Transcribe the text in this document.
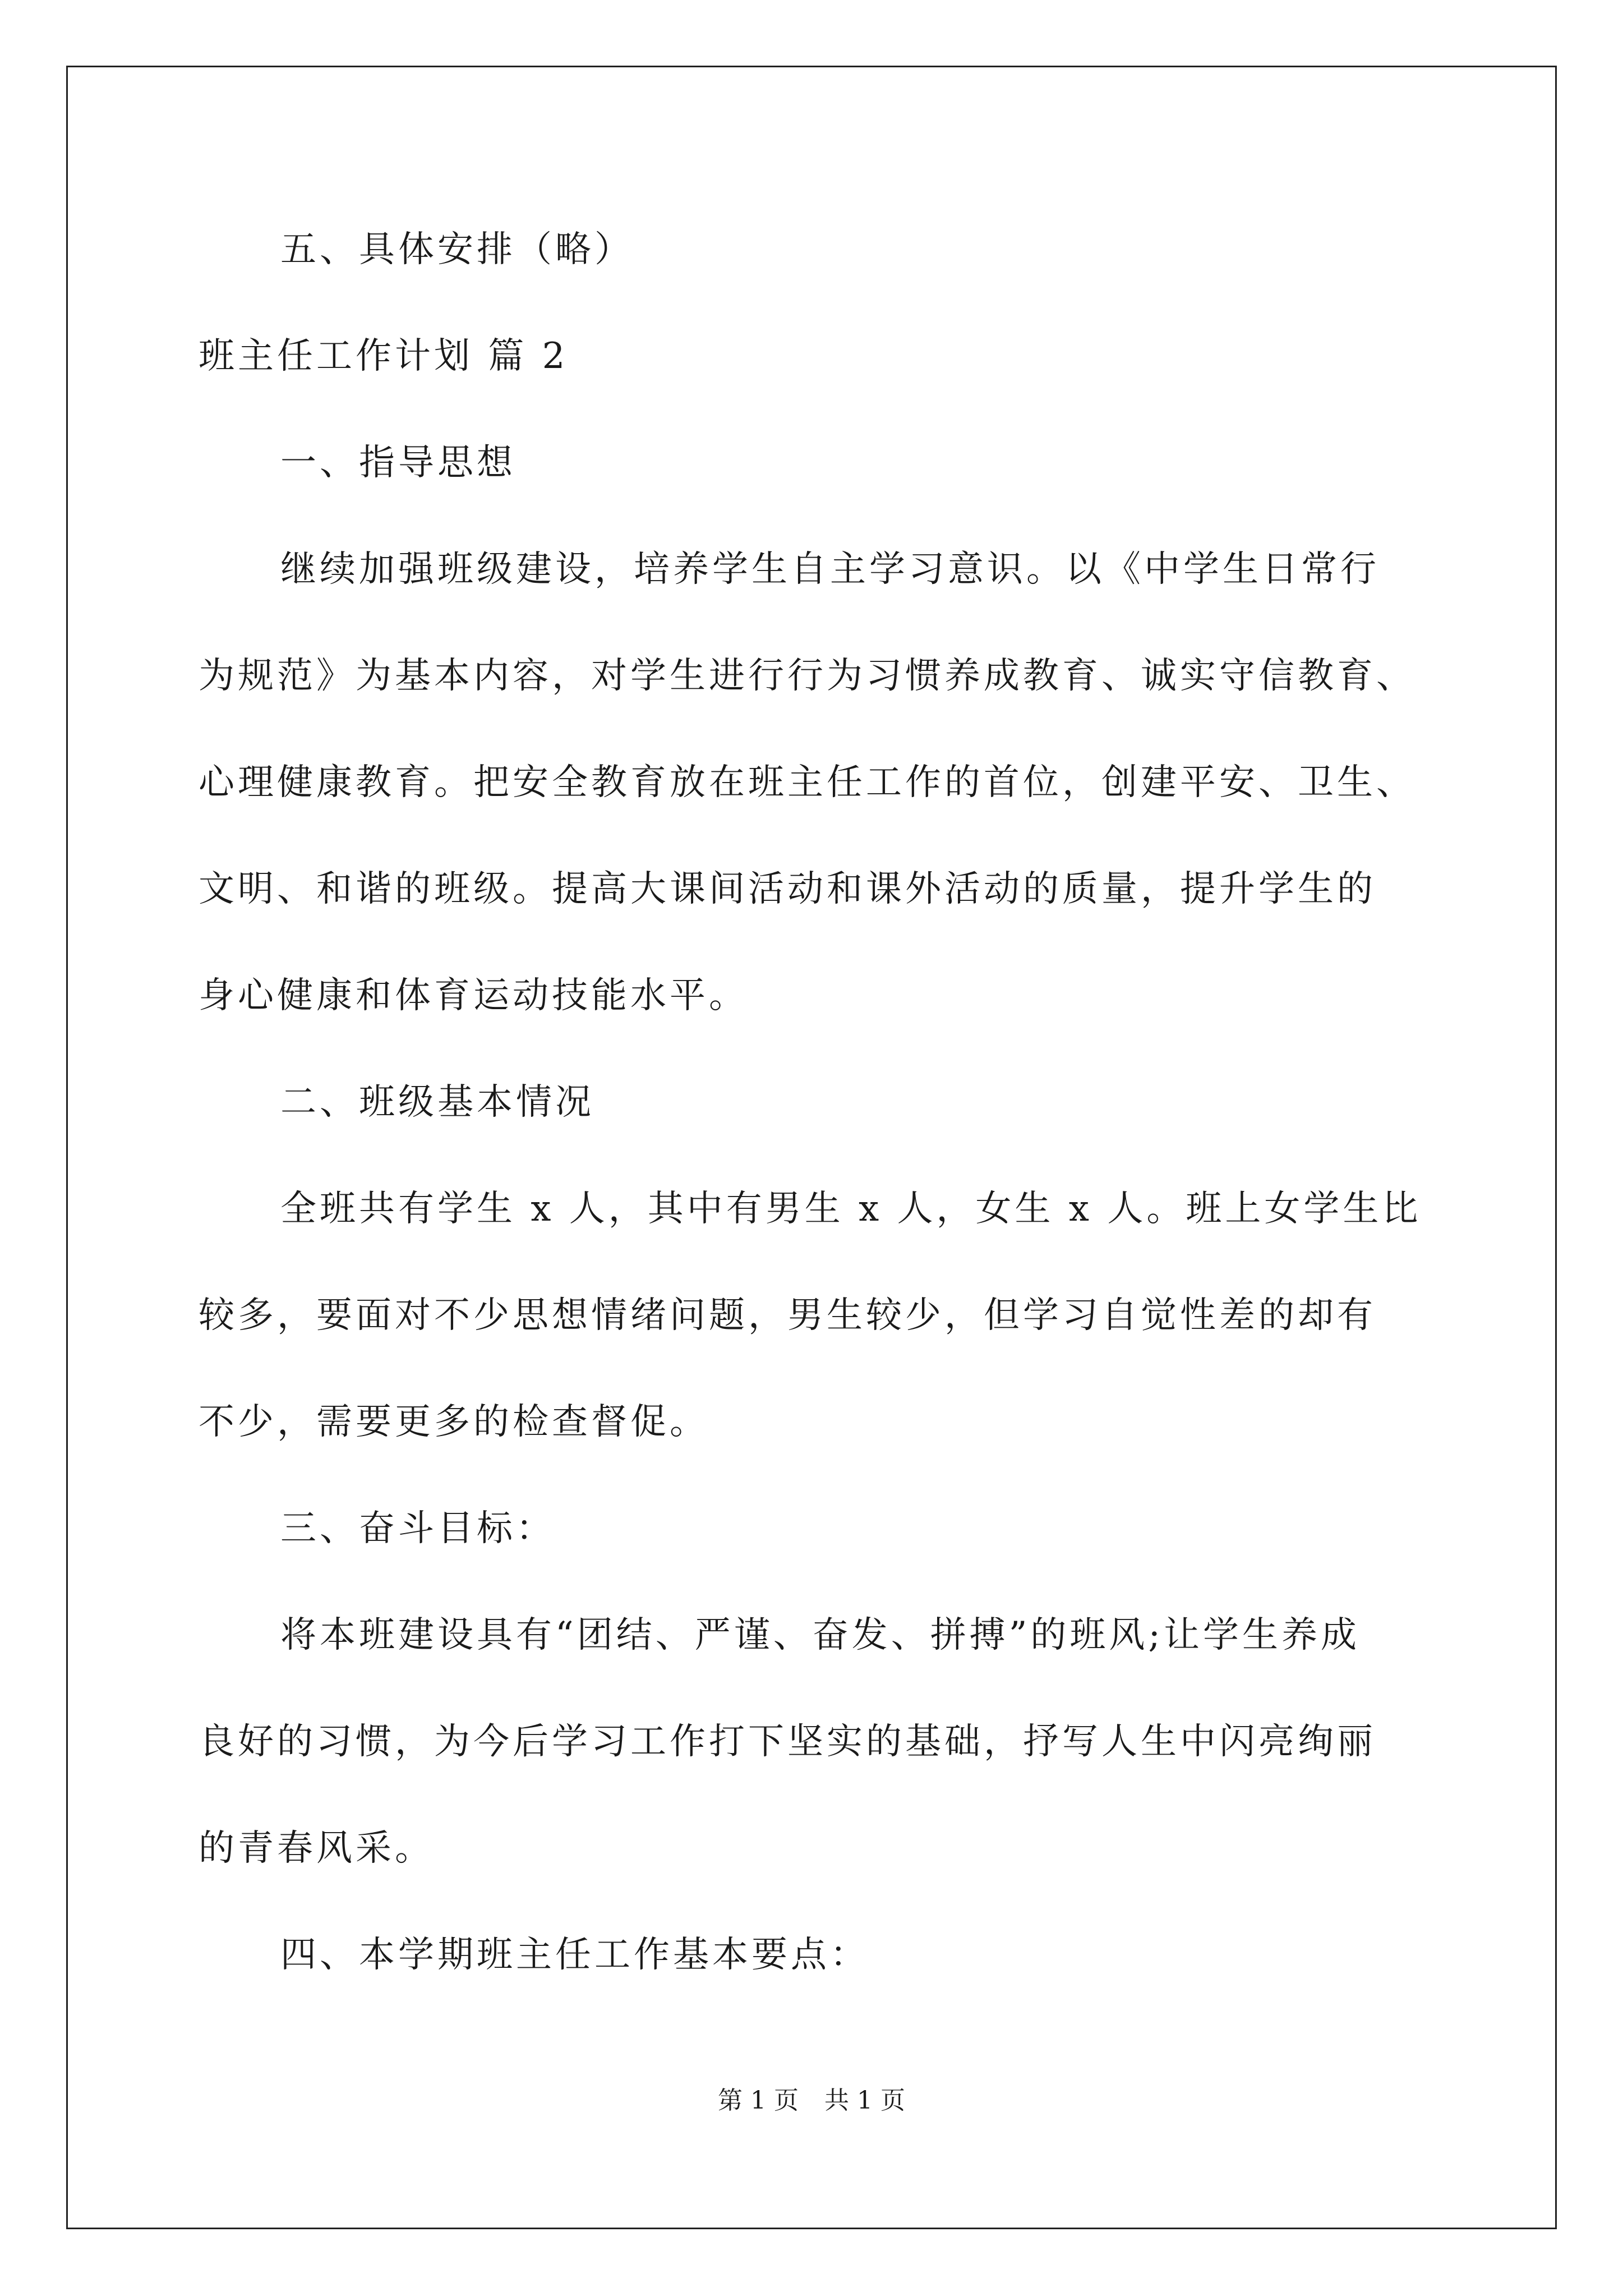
五、具体安排（略）
班主任工作计划 篇 2
一、指导思想
继续加强班级建设，培养学生自主学习意识。以《中学生日常行
为规范》为基本内容，对学生进行行为习惯养成教育、诚实守信教育、
心理健康教育。把安全教育放在班主任工作的首位，创建平安、卫生、
文明、和谐的班级。提高大课间活动和课外活动的质量，提升学生的
身心健康和体育运动技能水平。
二、班级基本情况
全班共有学生 x 人，其中有男生 x 人，女生 x 人。班上女学生比
较多，要面对不少思想情绪问题，男生较少，但学习自觉性差的却有
不少，需要更多的检查督促。
三、奋斗目标：
将本班建设具有“团结、严谨、奋发、拼搏”的班风;让学生养成
良好的习惯，为今后学习工作打下坚实的基础，抒写人生中闪亮绚丽
的青春风采。
四、本学期班主任工作基本要点：
第 1 页 共 1 页
